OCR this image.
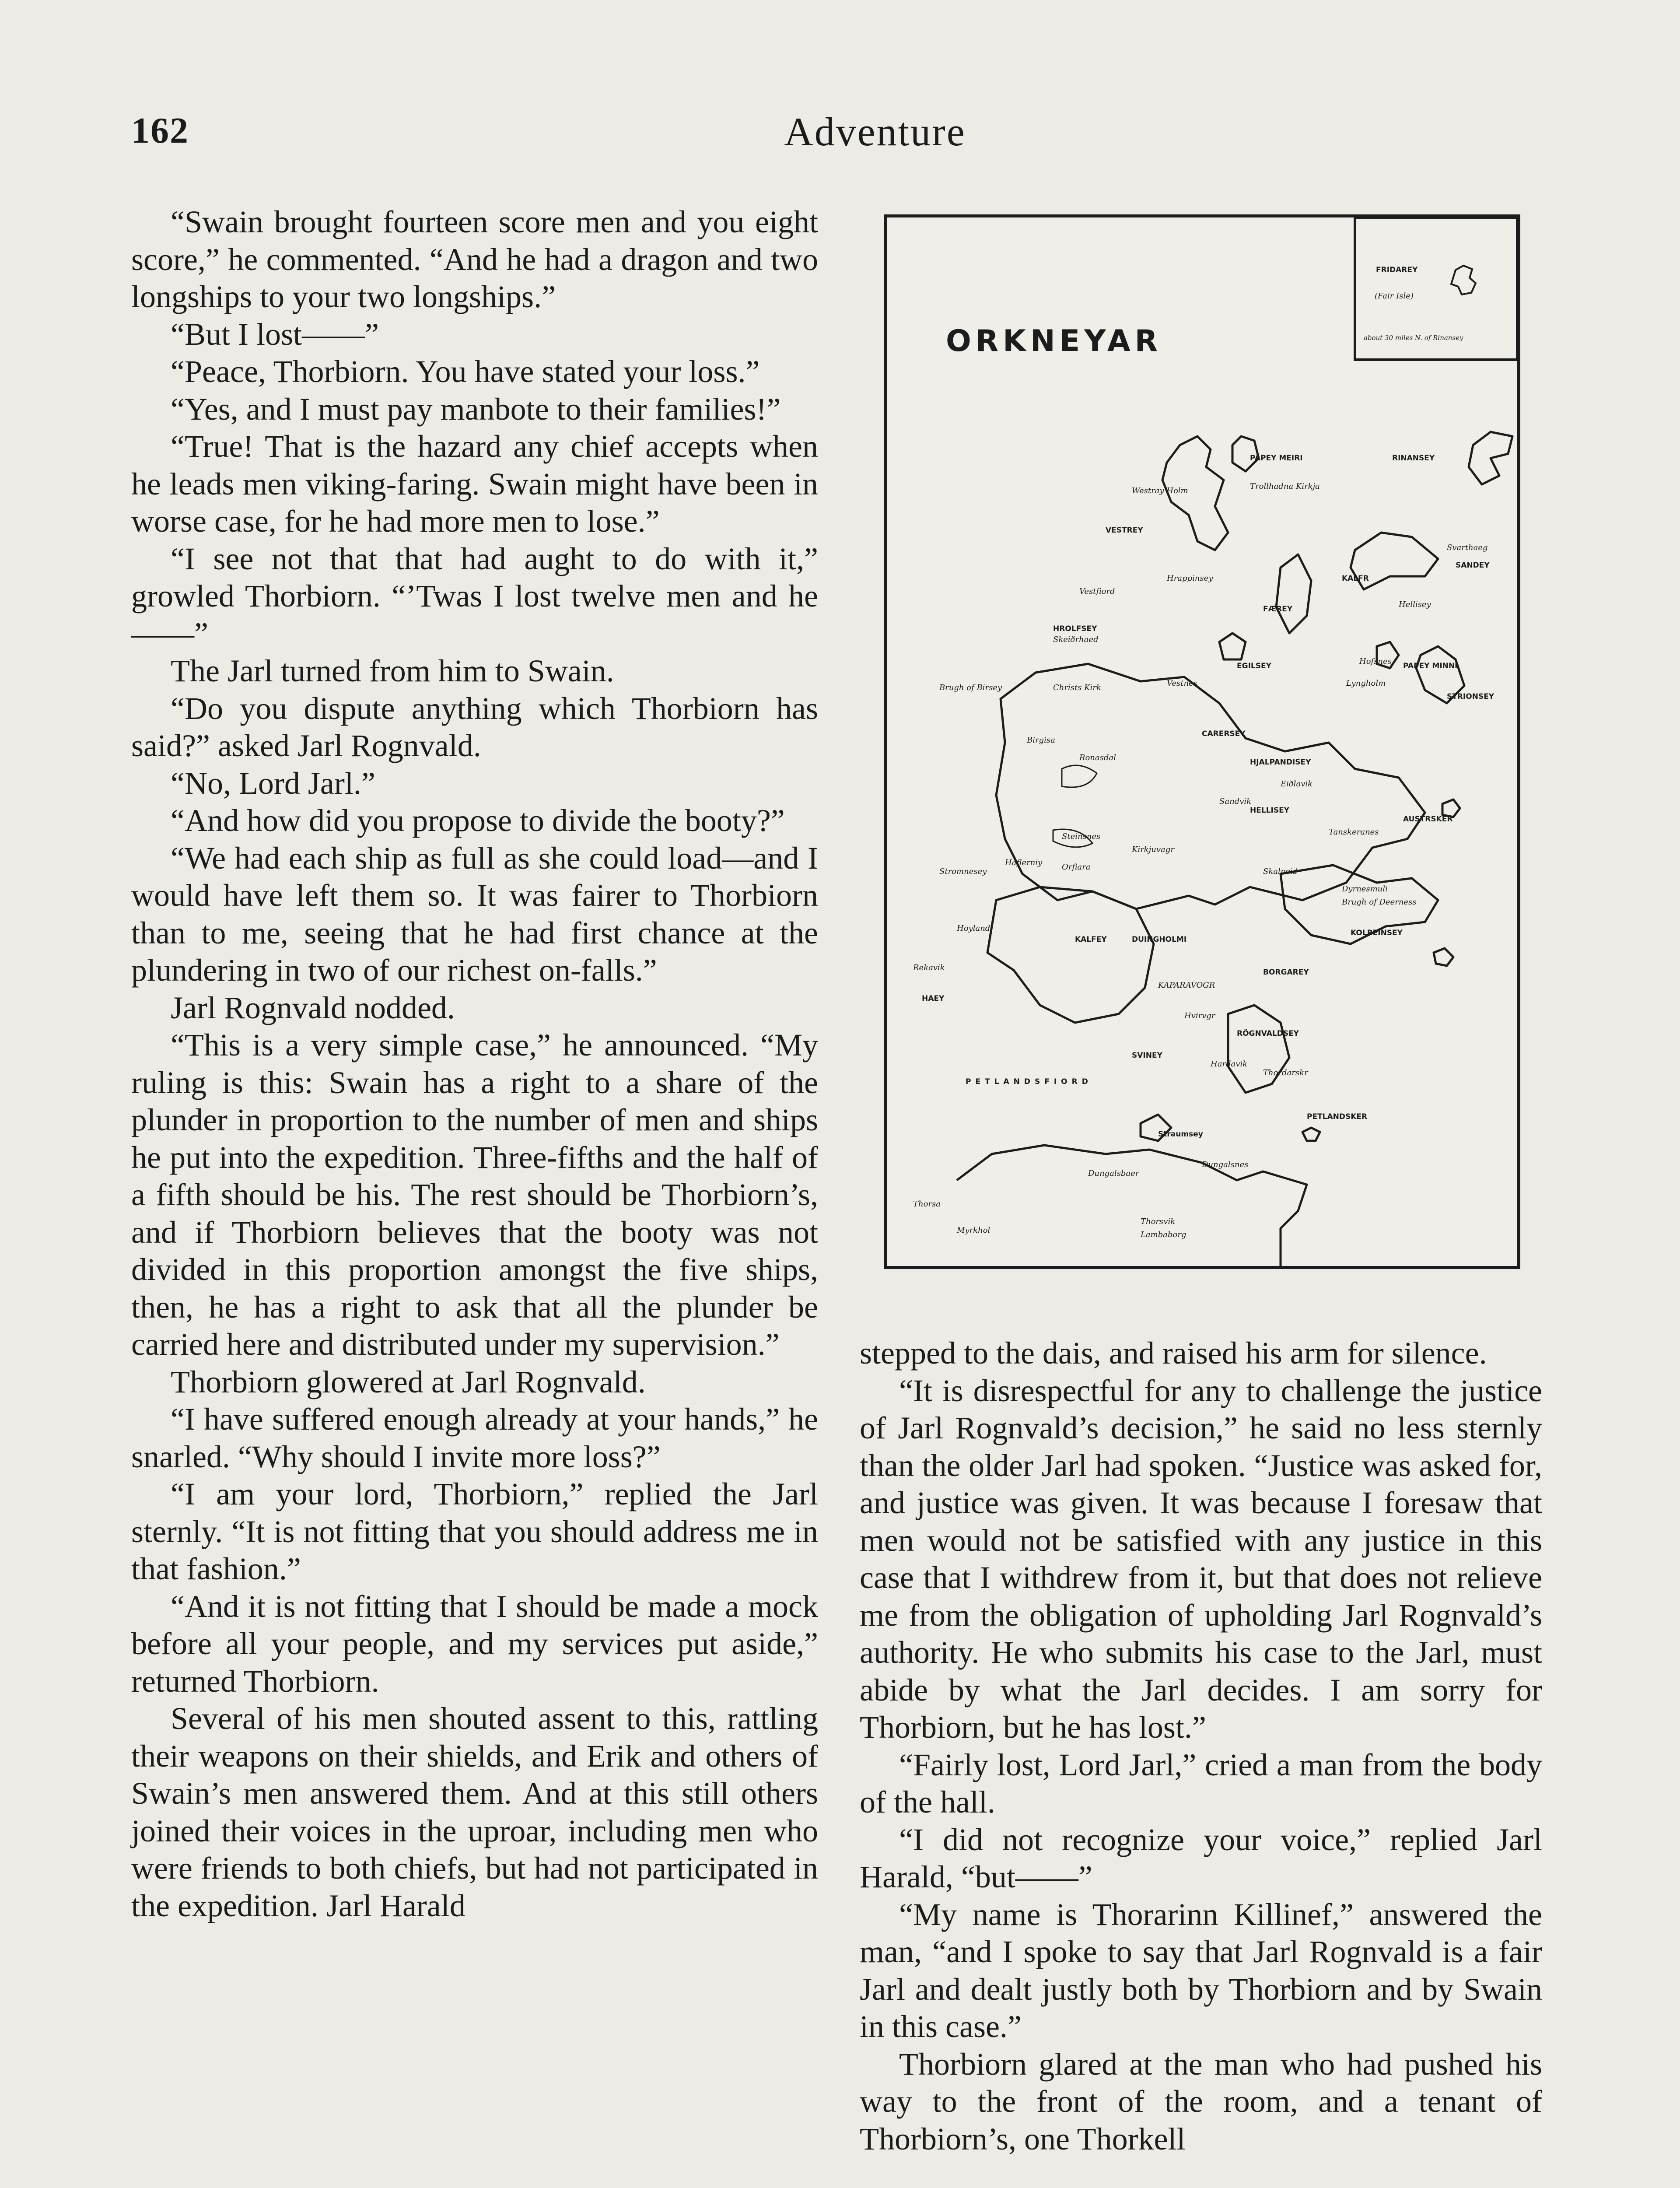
162	Adventure

“Swain brought fourteen score men and you eight score,” he commented. “And he had a dragon and two longships to your two longships.”

“But I lost——”

“Peace, Thorbiorn. You have stated your loss.”

“Yes, and I must pay manbote to their families!”

“True! That is the hazard any chief accepts when he leads men viking-faring. Swain might have been in worse case, for he had more men to lose.”

“I see not that that had aught to do with it,” growled Thorbiorn. “’Twas I lost twelve men and he——”

The Jarl turned from him to Swain.

“Do you dispute anything which Thorbiorn has said?” asked Jarl Rognvald.

“No, Lord Jarl.”

“And how did you propose to divide the booty?”

“We had each ship as full as she could load—and I would have left them so. It was fairer to Thorbiorn than to me, seeing that he had first chance at the plundering in two of our richest on-falls.”

Jarl Rognvald nodded.

“This is a very simple case,” he announced. “My ruling is this: Swain has a right to a share of the plunder in proportion to the number of men and ships he put into the expedition. Three-fifths and the half of a fifth should be his. The rest should be Thorbiorn’s, and if Thorbiorn believes that the booty was not divided in this proportion amongst the five ships, then, he has a right to ask that all the plunder be carried here and distributed under my supervision.”

Thorbiorn glowered at Jarl Rognvald.

“I have suffered enough already at your hands,” he snarled. “Why should I invite more loss?”

“I am your lord, Thorbiorn,” replied the Jarl sternly. “It is not fitting that you should address me in that fashion.”

“And it is not fitting that I should be made a mock before all your people, and my services put aside,” returned Thorbiorn.

Several of his men shouted assent to this, rattling their weapons on their shields, and Erik and others of Swain’s men answered them. And at this still others joined their voices in the uproar, including men who were friends to both chiefs, but had not participated in the expedition. Jarl Harald

FRIDAREY
(Fair Isle)
about 30 miles N. of Rinansey
ORKNEYAR
PAPEY MEIRI
Trollhadna Kirkja
Westray Holm
RINANSEY
VESTREY
Vestfiord
Hrappinsey	KALFR
Svarthaeg
SANDEY
Hellisey
FÆREY
EGILSEY
HROLFSEY
Skeiðrhaed
Vestnes
Hofsnes PAPEY MINNI
Lyngholm
STRIONSEY
Brugh of Birsey	Christs Kirk
Birgisa
Ronasdal
CARERSEY
HJALPANDISEY
Eiðlavik
HELLISEY
AUSTRSKER
Sandvik
Tanskeranes
Dyrnesmuli
Brugh of Deerness
Steinsnes
Orfiara
Kirkjuvagr
Skalpeid
Stromnesey
Haflerniy
KOLBEINSEY
Hoyland
KALFEY	DUINGHOLMI
Rekavik
HAEY
BORGAREY
KAPARAVOGR
RÖGNVALDSEY
SVINEY
Hardavik
Hvirvgr
PETLANDSFIORD
Thordarskr
Straumsey
PETLANDSKER
Thorsa
Dungalsbaer
Dungalsnes
Myrkhol
Thorsvik
Lambaborg

stepped to the dais, and raised his arm for silence.

“It is disrespectful for any to challenge the justice of Jarl Rognvald’s decision,” he said no less sternly than the older Jarl had spoken. “Justice was asked for, and justice was given. It was because I foresaw that men would not be satisfied with any justice in this case that I withdrew from it, but that does not relieve me from the obligation of upholding Jarl Rognvald’s authority. He who submits his case to the Jarl, must abide by what the Jarl decides. I am sorry for Thorbiorn, but he has lost.”

“Fairly lost, Lord Jarl,” cried a man from the body of the hall.

“I did not recognize your voice,” replied Jarl Harald, “but——”

“My name is Thorarinn Killinef,” answered the man, “and I spoke to say that Jarl Rognvald is a fair Jarl and dealt justly both by Thorbiorn and by Swain in this case.”

Thorbiorn glared at the man who had pushed his way to the front of the room, and a tenant of Thorbiorn’s, one Thorkell
